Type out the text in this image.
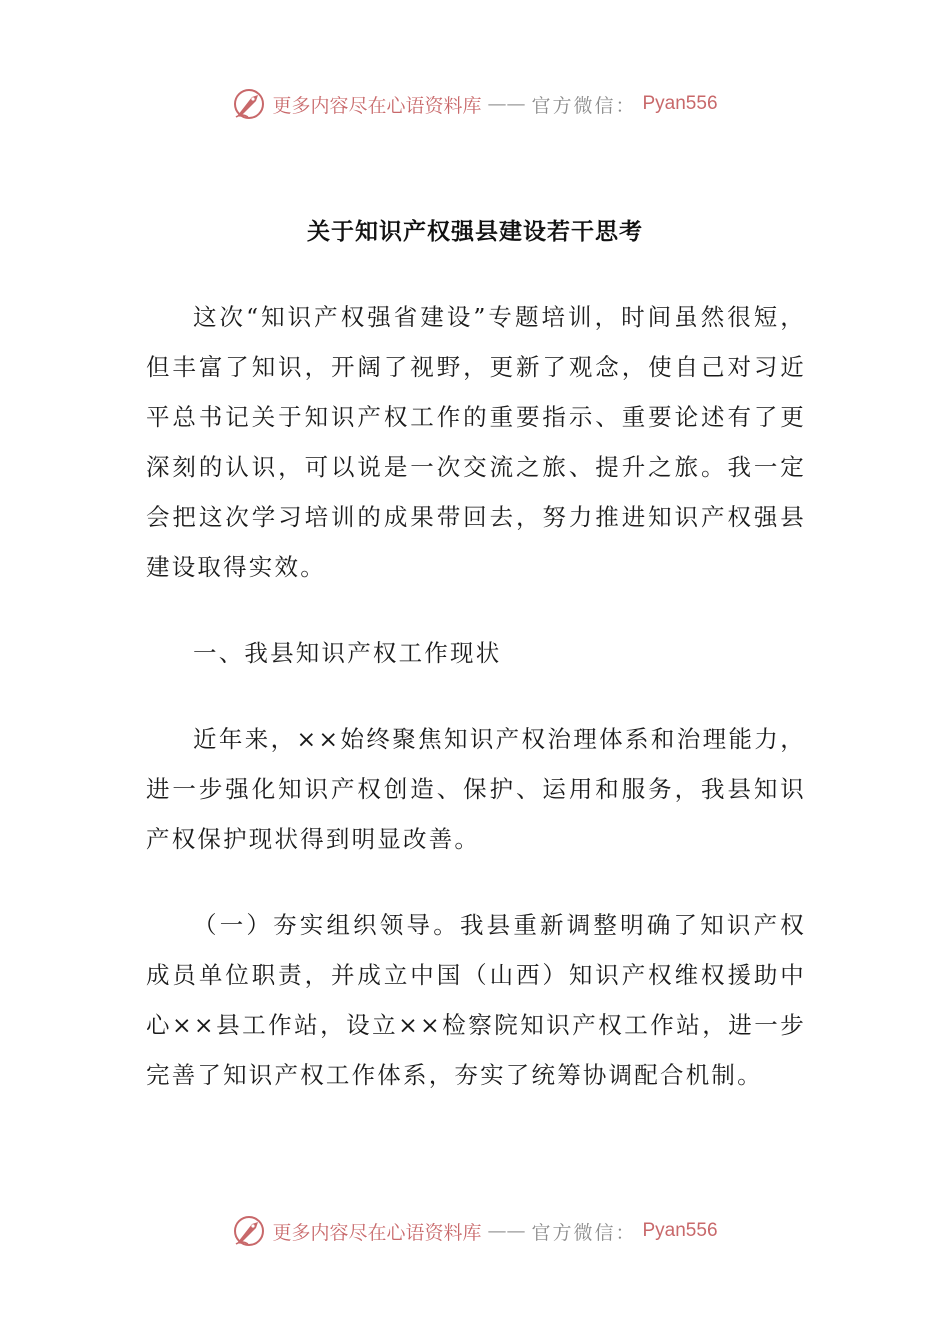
更多内容尽在心语资料库 —— 官方微信： Pyan556
关于知识产权强县建设若干思考

这次“知识产权强省建设”专题培训，时间虽然很短，但丰富了知识，开阔了视野，更新了观念，使自己对习近平总书记关于知识产权工作的重要指示、重要论述有了更深刻的认识，可以说是一次交流之旅、提升之旅。我一定会把这次学习培训的成果带回去，努力推进知识产权强县建设取得实效。

一、我县知识产权工作现状

近年来，××始终聚焦知识产权治理体系和治理能力，进一步强化知识产权创造、保护、运用和服务，我县知识产权保护现状得到明显改善。

（一）夯实组织领导。我县重新调整明确了知识产权成员单位职责，并成立中国（山西）知识产权维权援助中心××县工作站，设立××检察院知识产权工作站，进一步完善了知识产权工作体系，夯实了统筹协调配合机制。

更多内容尽在心语资料库 —— 官方微信： Pyan556
